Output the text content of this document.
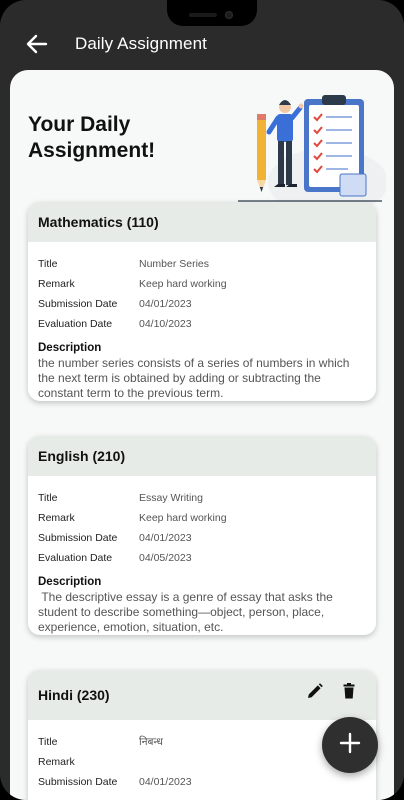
Daily Assignment
Your Daily
Assignment!
Mathematics (110)
Title	Number Series
Remark	Keep hard working
Submission Date	04/01/2023
Evaluation Date	04/10/2023
Description
the number series consists of a series of numbers in which the next term is obtained by adding or subtracting the constant term to the previous term.
English (210)
Title	Essay Writing
Remark	Keep hard working
Submission Date	04/01/2023
Evaluation Date	04/05/2023
Description
The descriptive essay is a genre of essay that asks the student to describe something—object, person, place, experience, emotion, situation, etc.
Hindi (230)
Title	निबन्ध
Remark
Submission Date	04/01/2023
